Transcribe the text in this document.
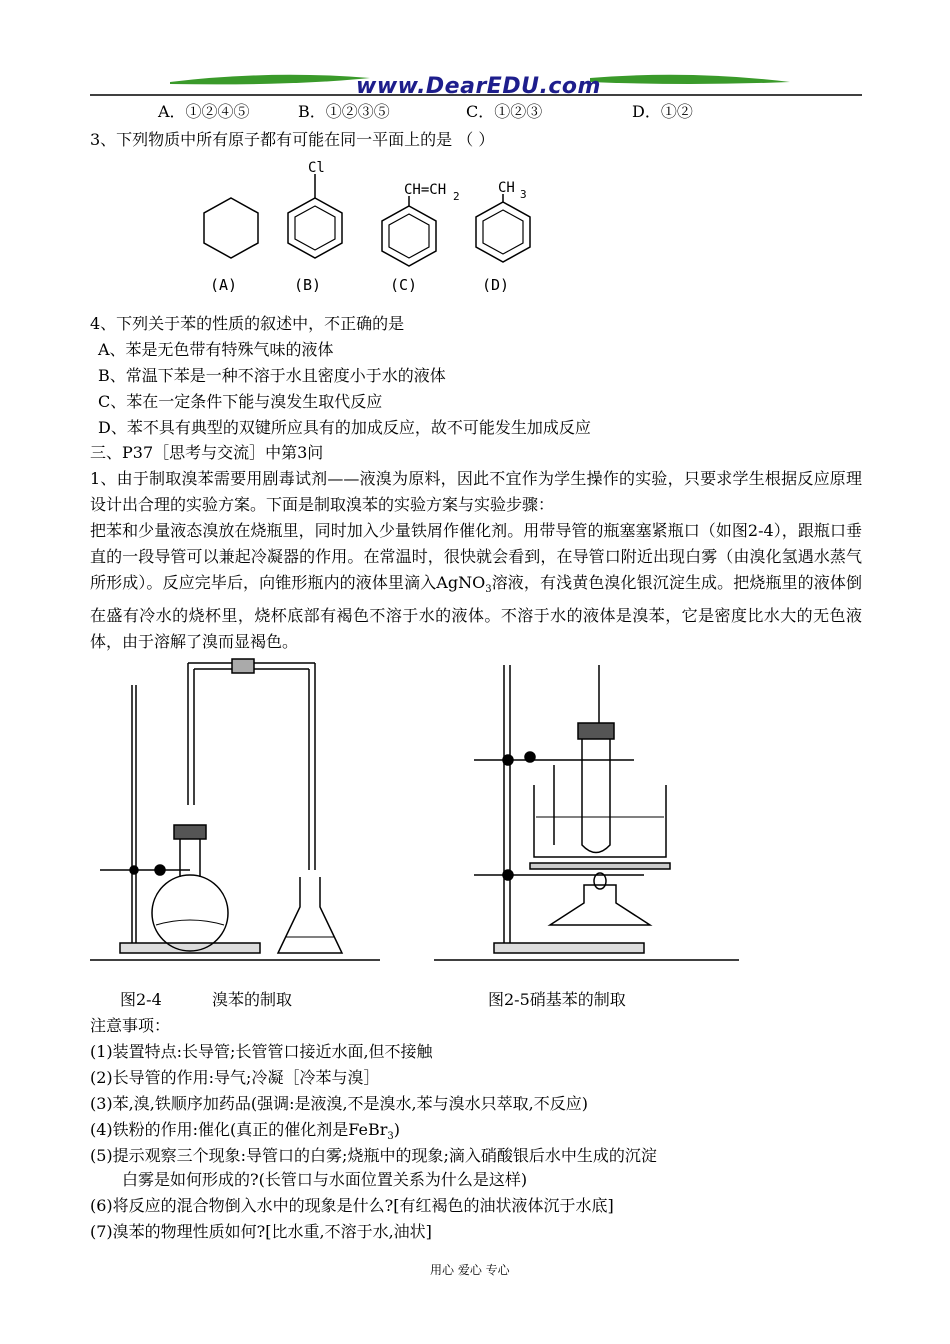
www.DearEDU.com
A．①②④⑤	B．①②③⑤	C．①②③	D．①②
3、下列物质中所有原子都有可能在同一平面上的是 （ ）
Cl
CH=CH 2
CH 3
(A)	(B)	(C)	(D)
4、下列关于苯的性质的叙述中，不正确的是
A、苯是无色带有特殊气味的液体
B、常温下苯是一种不溶于水且密度小于水的液体
C、苯在一定条件下能与溴发生取代反应
D、苯不具有典型的双键所应具有的加成反应，故不可能发生加成反应
三、P37［思考与交流］中第3问
1、由于制取溴苯需要用剧毒试剂——液溴为原料，因此不宜作为学生操作的实验，只要求学生根据反应原理设计出合理的实验方案。下面是制取溴苯的实验方案与实验步骤：
把苯和少量液态溴放在烧瓶里，同时加入少量铁屑作催化剂。用带导管的瓶塞塞紧瓶口（如图2-4），跟瓶口垂直的一段导管可以兼起冷凝器的作用。在常温时，很快就会看到，在导管口附近出现白雾（由溴化氢遇水蒸气所形成）。反应完毕后，向锥形瓶内的液体里滴入AgNO$_3$溶液，有浅黄色溴化银沉淀生成。把烧瓶里的液体倒在盛有冷水的烧杯里，烧杯底部有褐色不溶于水的液体。不溶于水的液体是溴苯，它是密度比水大的无色液体，由于溶解了溴而显褐色。
图2-4	溴苯的制取	图2-5硝基苯的制取
注意事项：
(1)装置特点:长导管;长管管口接近水面,但不接触
(2)长导管的作用:导气;冷凝［冷苯与溴］
(3)苯,溴,铁顺序加药品(强调:是液溴,不是溴水,苯与溴水只萃取,不反应)
(4)铁粉的作用:催化(真正的催化剂是FeBr$_3$)
(5)提示观察三个现象:导管口的白雾;烧瓶中的现象;滴入硝酸银后水中生成的沉淀
白雾是如何形成的?(长管口与水面位置关系为什么是这样)
(6)将反应的混合物倒入水中的现象是什么?[有红褐色的油状液体沉于水底]
(7)溴苯的物理性质如何?[比水重,不溶于水,油状]
用心 爱心 专心
